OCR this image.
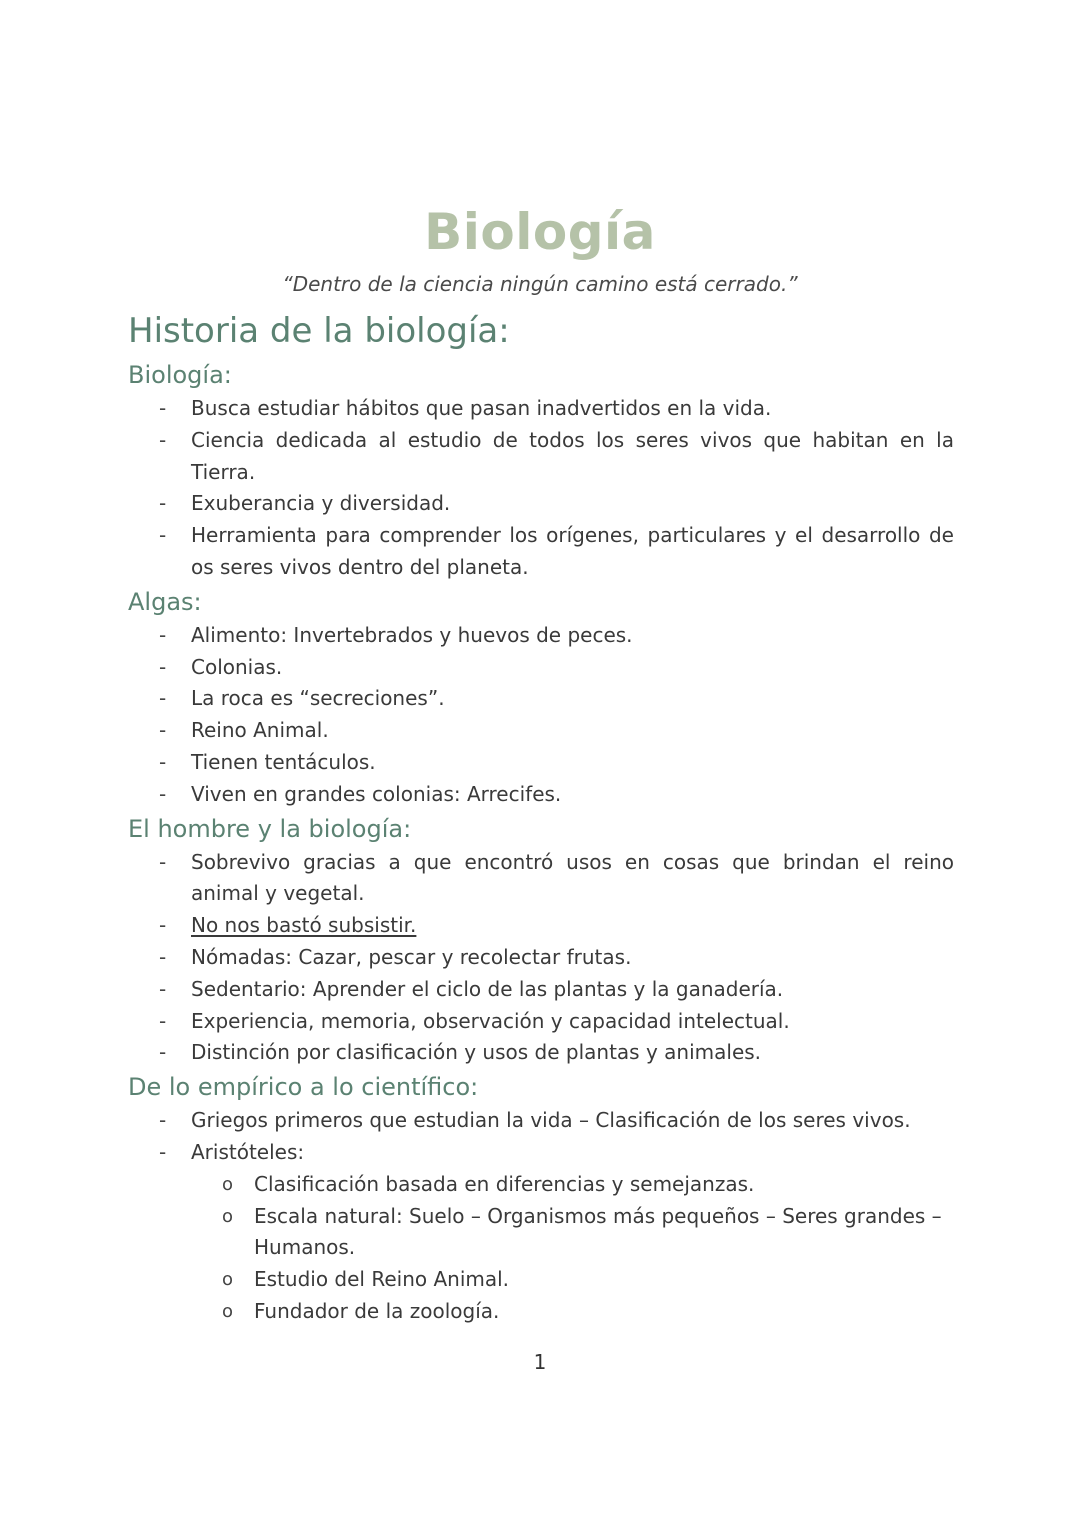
Biología

“Dentro de la ciencia ningún camino está cerrado.”

Historia de la biología:
Biología:
- Busca estudiar hábitos que pasan inadvertidos en la vida.
- Ciencia dedicada al estudio de todos los seres vivos que habitan en la Tierra.
- Exuberancia y diversidad.
- Herramienta para comprender los orígenes, particulares y el desarrollo de os seres vivos dentro del planeta.
Algas:
- Alimento: Invertebrados y huevos de peces.
- Colonias.
- La roca es “secreciones”.
- Reino Animal.
- Tienen tentáculos.
- Viven en grandes colonias: Arrecifes.
El hombre y la biología:
- Sobrevivo gracias a que encontró usos en cosas que brindan el reino animal y vegetal.
- No nos bastó subsistir.
- Nómadas: Cazar, pescar y recolectar frutas.
- Sedentario: Aprender el ciclo de las plantas y la ganadería.
- Experiencia, memoria, observación y capacidad intelectual.
- Distinción por clasificación y usos de plantas y animales.
De lo empírico a lo científico:
- Griegos primeros que estudian la vida – Clasificación de los seres vivos.
- Aristóteles:
o Clasificación basada en diferencias y semejanzas.
o Escala natural: Suelo – Organismos más pequeños – Seres grandes – Humanos.
o Estudio del Reino Animal.
o Fundador de la zoología.

1
